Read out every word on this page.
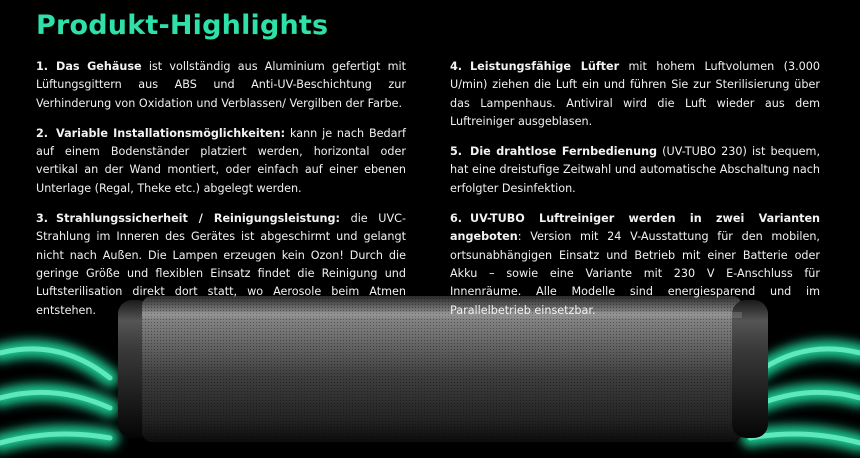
Produkt-Highlights

1. Das Gehäuse ist vollständig aus Aluminium gefertigt mit Lüftungsgittern aus ABS und Anti-UV-Beschichtung zur Verhinderung von Oxidation und Verblassen/ Vergilben der Farbe.

2. Variable Installationsmöglichkeiten: kann je nach Bedarf auf einem Bodenständer platziert werden, horizontal oder vertikal an der Wand montiert, oder einfach auf einer ebenen Unterlage (Regal, Theke etc.) abgelegt werden.

3. Strahlungssicherheit / Reinigungsleistung: die UVC-Strahlung im Inneren des Gerätes ist abgeschirmt und gelangt nicht nach Außen. Die Lampen erzeugen kein Ozon! Durch die geringe Größe und flexiblen Einsatz findet die Reinigung und Luftsterilisation direkt dort statt, wo Aerosole beim Atmen entstehen.

4. Leistungsfähige Lüfter mit hohem Luftvolumen (3.000 U/min) ziehen die Luft ein und führen Sie zur Sterilisierung über das Lampenhaus. Antiviral wird die Luft wieder aus dem Luftreiniger ausgeblasen.

5. Die drahtlose Fernbedienung (UV-TUBO 230) ist bequem, hat eine dreistufige Zeitwahl und automatische Abschaltung nach erfolgter Desinfektion.

6. UV-TUBO Luftreiniger werden in zwei Varianten angeboten: Version mit 24 V-Ausstattung für den mobilen, ortsunabhängigen Einsatz und Betrieb mit einer Batterie oder Akku – sowie eine Variante mit 230 V E-Anschluss für Innenräume. Alle Modelle sind energiesparend und im Parallelbetrieb einsetzbar.
